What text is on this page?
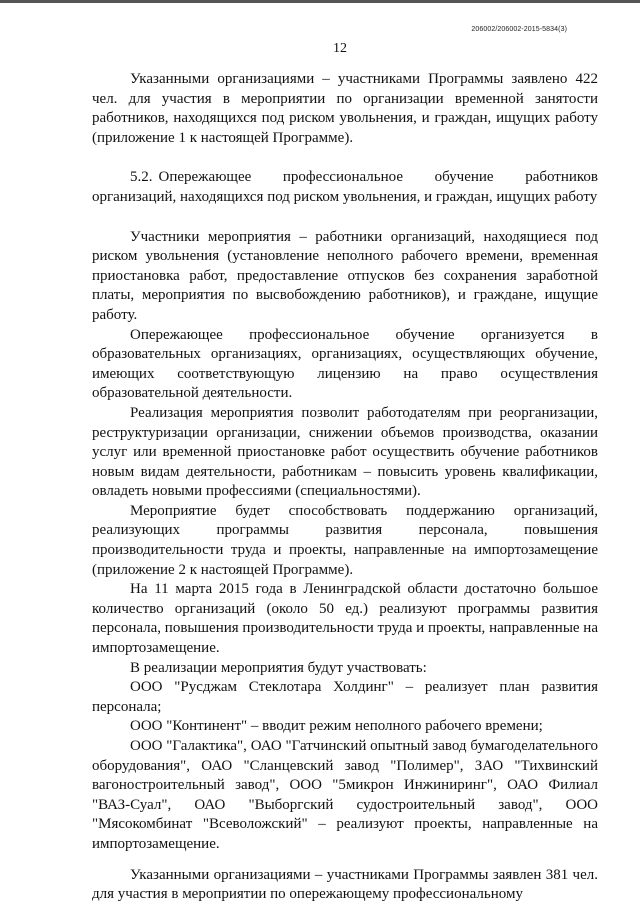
206002/206002-2015-5834(3)
12

Указанными организациями – участниками Программы заявлено 422 чел. для участия в мероприятии по организации временной занятости работников, находящихся под риском увольнения, и граждан, ищущих работу (приложение 1 к настоящей Программе).

5.2. Опережающее профессиональное обучение работников организаций, находящихся под риском увольнения, и граждан, ищущих работу

Участники мероприятия – работники организаций, находящиеся под риском увольнения (установление неполного рабочего времени, временная приостановка работ, предоставление отпусков без сохранения заработной платы, мероприятия по высвобождению работников), и граждане, ищущие работу.

Опережающее профессиональное обучение организуется в образовательных организациях, организациях, осуществляющих обучение, имеющих соответствующую лицензию на право осуществления образовательной деятельности.

Реализация мероприятия позволит работодателям при реорганизации, реструктуризации организации, снижении объемов производства, оказании услуг или временной приостановке работ осуществить обучение работников новым видам деятельности, работникам – повысить уровень квалификации, овладеть новыми профессиями (специальностями).

Мероприятие будет способствовать поддержанию организаций, реализующих программы развития персонала, повышения производительности труда и проекты, направленные на импортозамещение (приложение 2 к настоящей Программе).

На 11 марта 2015 года в Ленинградской области достаточно большое количество организаций (около 50 ед.) реализуют программы развития персонала, повышения производительности труда и проекты, направленные на импортозамещение.

В реализации мероприятия будут участвовать:

ООО "Русджам Стеклотара Холдинг" – реализует план развития персонала;

ООО "Континент" – вводит режим неполного рабочего времени;

ООО "Галактика", ОАО "Гатчинский опытный завод бумагоделательного оборудования", ОАО "Сланцевский завод "Полимер", ЗАО "Тихвинский вагоностроительный завод", ООО "5микрон Инжиниринг", ОАО Филиал "ВАЗ-Суал", ОАО "Выборгский судостроительный завод", ООО "Мясокомбинат "Всеволожский" – реализуют проекты, направленные на импортозамещение.

Указанными организациями – участниками Программы заявлен 381 чел. для участия в мероприятии по опережающему профессиональному
